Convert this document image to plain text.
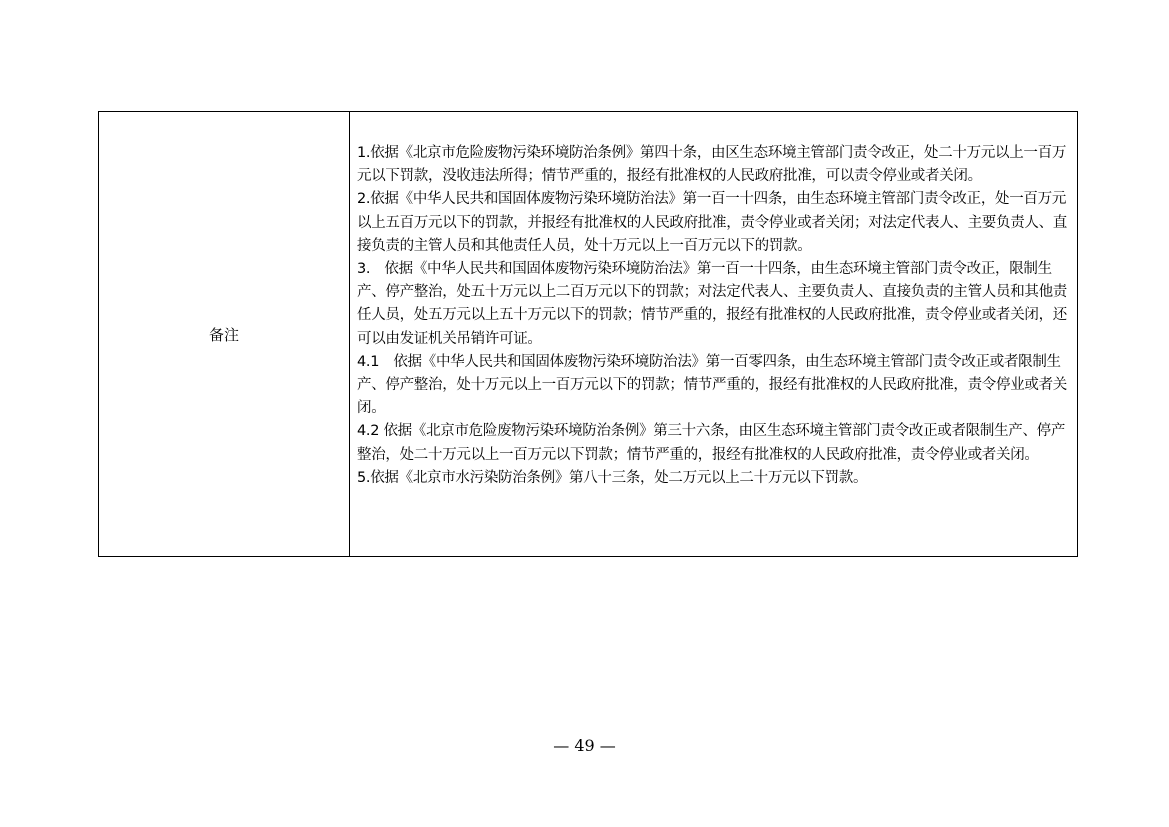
备注

1.依据《北京市危险废物污染环境防治条例》第四十条，由区生态环境主管部门责令改正，处二十万元以上一百万元以下罚款，没收违法所得；情节严重的，报经有批准权的人民政府批准，可以责令停业或者关闭。

2.依据《中华人民共和国固体废物污染环境防治法》第一百一十四条，由生态环境主管部门责令改正，处一百万元以上五百万元以下的罚款，并报经有批准权的人民政府批准，责令停业或者关闭；对法定代表人、主要负责人、直接负责的主管人员和其他责任人员，处十万元以上一百万元以下的罚款。

3.　依据《中华人民共和国固体废物污染环境防治法》第一百一十四条，由生态环境主管部门责令改正，限制生产、停产整治，处五十万元以上二百万元以下的罚款；对法定代表人、主要负责人、直接负责的主管人员和其他责任人员，处五万元以上五十万元以下的罚款；情节严重的，报经有批准权的人民政府批准，责令停业或者关闭，还可以由发证机关吊销许可证。

4.1　依据《中华人民共和国固体废物污染环境防治法》第一百零四条，由生态环境主管部门责令改正或者限制生产、停产整治，处十万元以上一百万元以下的罚款；情节严重的，报经有批准权的人民政府批准，责令停业或者关闭。

4.2 依据《北京市危险废物污染环境防治条例》第三十六条，由区生态环境主管部门责令改正或者限制生产、停产整治，处二十万元以上一百万元以下罚款；情节严重的，报经有批准权的人民政府批准，责令停业或者关闭。

5.依据《北京市水污染防治条例》第八十三条，处二万元以上二十万元以下罚款。

— 49 —
